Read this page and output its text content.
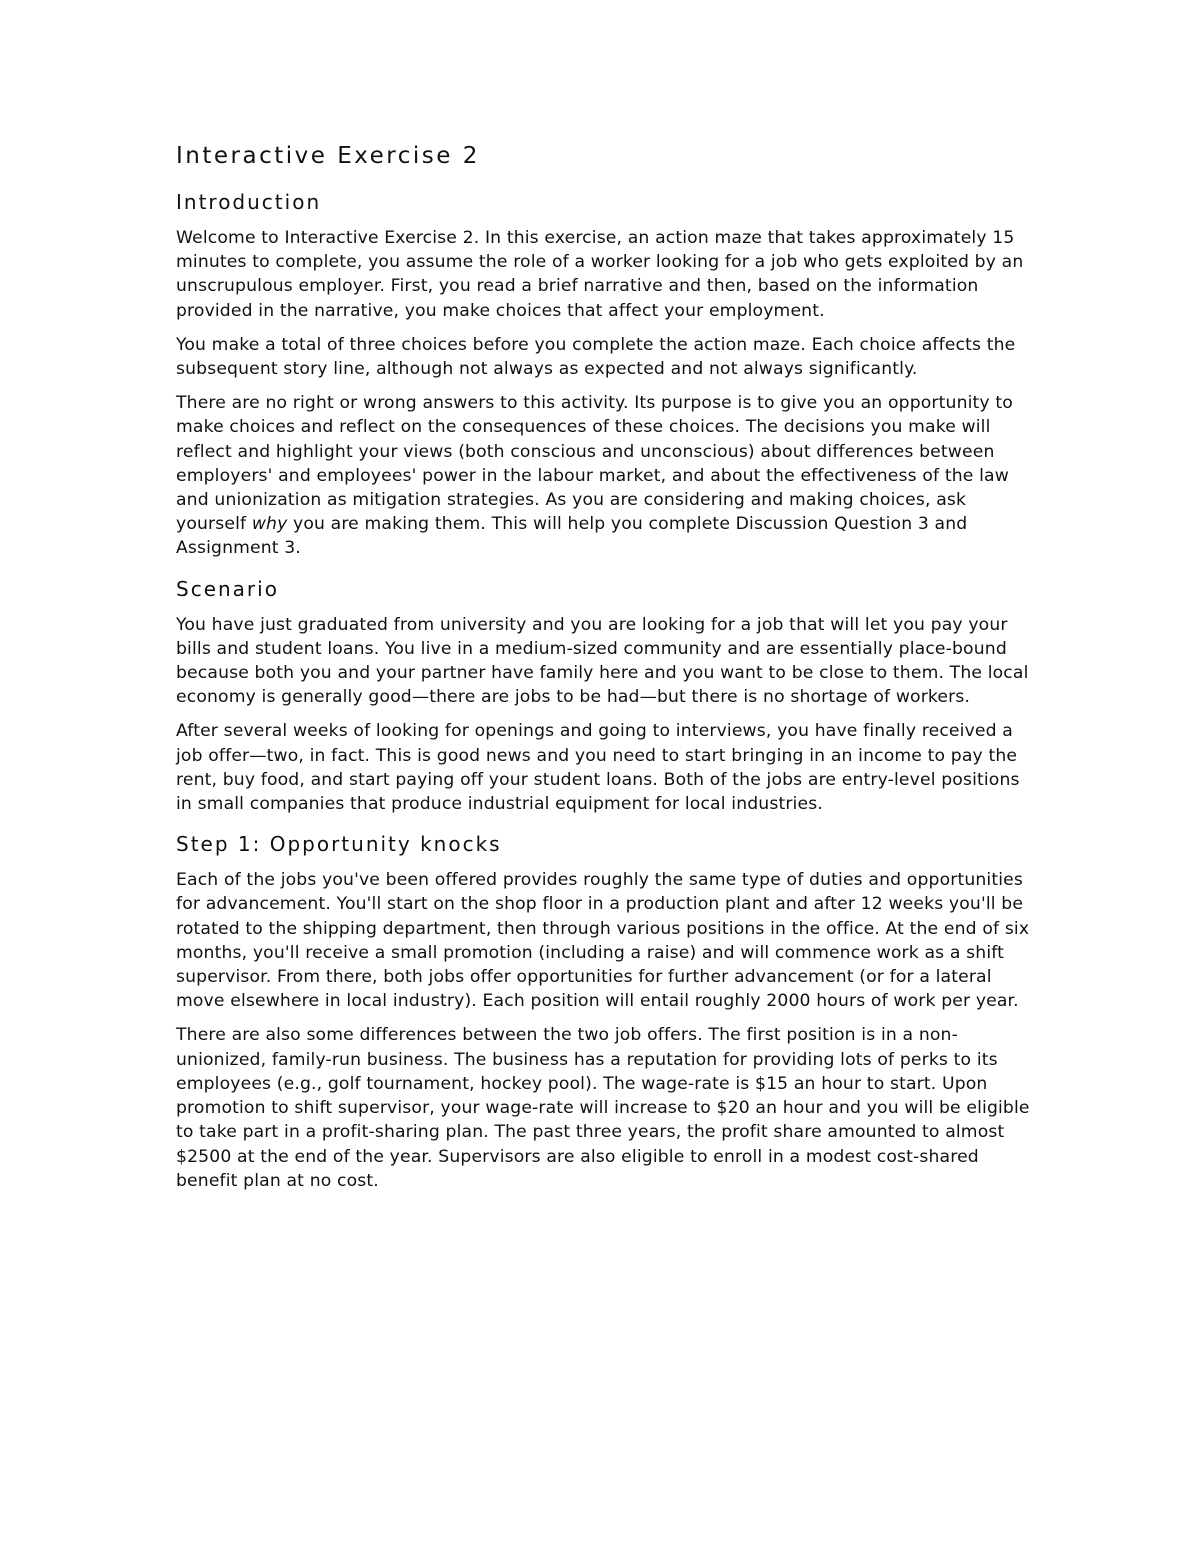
Interactive Exercise 2
Introduction

Welcome to Interactive Exercise 2. In this exercise, an action maze that takes approximately 15 minutes to complete, you assume the role of a worker looking for a job who gets exploited by an unscrupulous employer. First, you read a brief narrative and then, based on the information provided in the narrative, you make choices that affect your employment.

You make a total of three choices before you complete the action maze. Each choice affects the subsequent story line, although not always as expected and not always significantly.

There are no right or wrong answers to this activity. Its purpose is to give you an opportunity to make choices and reflect on the consequences of these choices. The decisions you make will reflect and highlight your views (both conscious and unconscious) about differences between employers' and employees' power in the labour market, and about the effectiveness of the law and unionization as mitigation strategies. As you are considering and making choices, ask yourself why you are making them. This will help you complete Discussion Question 3 and Assignment 3.

Scenario

You have just graduated from university and you are looking for a job that will let you pay your bills and student loans. You live in a medium-sized community and are essentially place-bound because both you and your partner have family here and you want to be close to them. The local economy is generally good—there are jobs to be had—but there is no shortage of workers.

After several weeks of looking for openings and going to interviews, you have finally received a job offer—two, in fact. This is good news and you need to start bringing in an income to pay the rent, buy food, and start paying off your student loans. Both of the jobs are entry-level positions in small companies that produce industrial equipment for local industries.

Step 1: Opportunity knocks

Each of the jobs you've been offered provides roughly the same type of duties and opportunities for advancement. You'll start on the shop floor in a production plant and after 12 weeks you'll be rotated to the shipping department, then through various positions in the office. At the end of six months, you'll receive a small promotion (including a raise) and will commence work as a shift supervisor. From there, both jobs offer opportunities for further advancement (or for a lateral move elsewhere in local industry). Each position will entail roughly 2000 hours of work per year.

There are also some differences between the two job offers. The first position is in a non-unionized, family-run business. The business has a reputation for providing lots of perks to its employees (e.g., golf tournament, hockey pool). The wage-rate is $15 an hour to start. Upon promotion to shift supervisor, your wage-rate will increase to $20 an hour and you will be eligible to take part in a profit-sharing plan. The past three years, the profit share amounted to almost $2500 at the end of the year. Supervisors are also eligible to enroll in a modest cost-shared benefit plan at no cost.
